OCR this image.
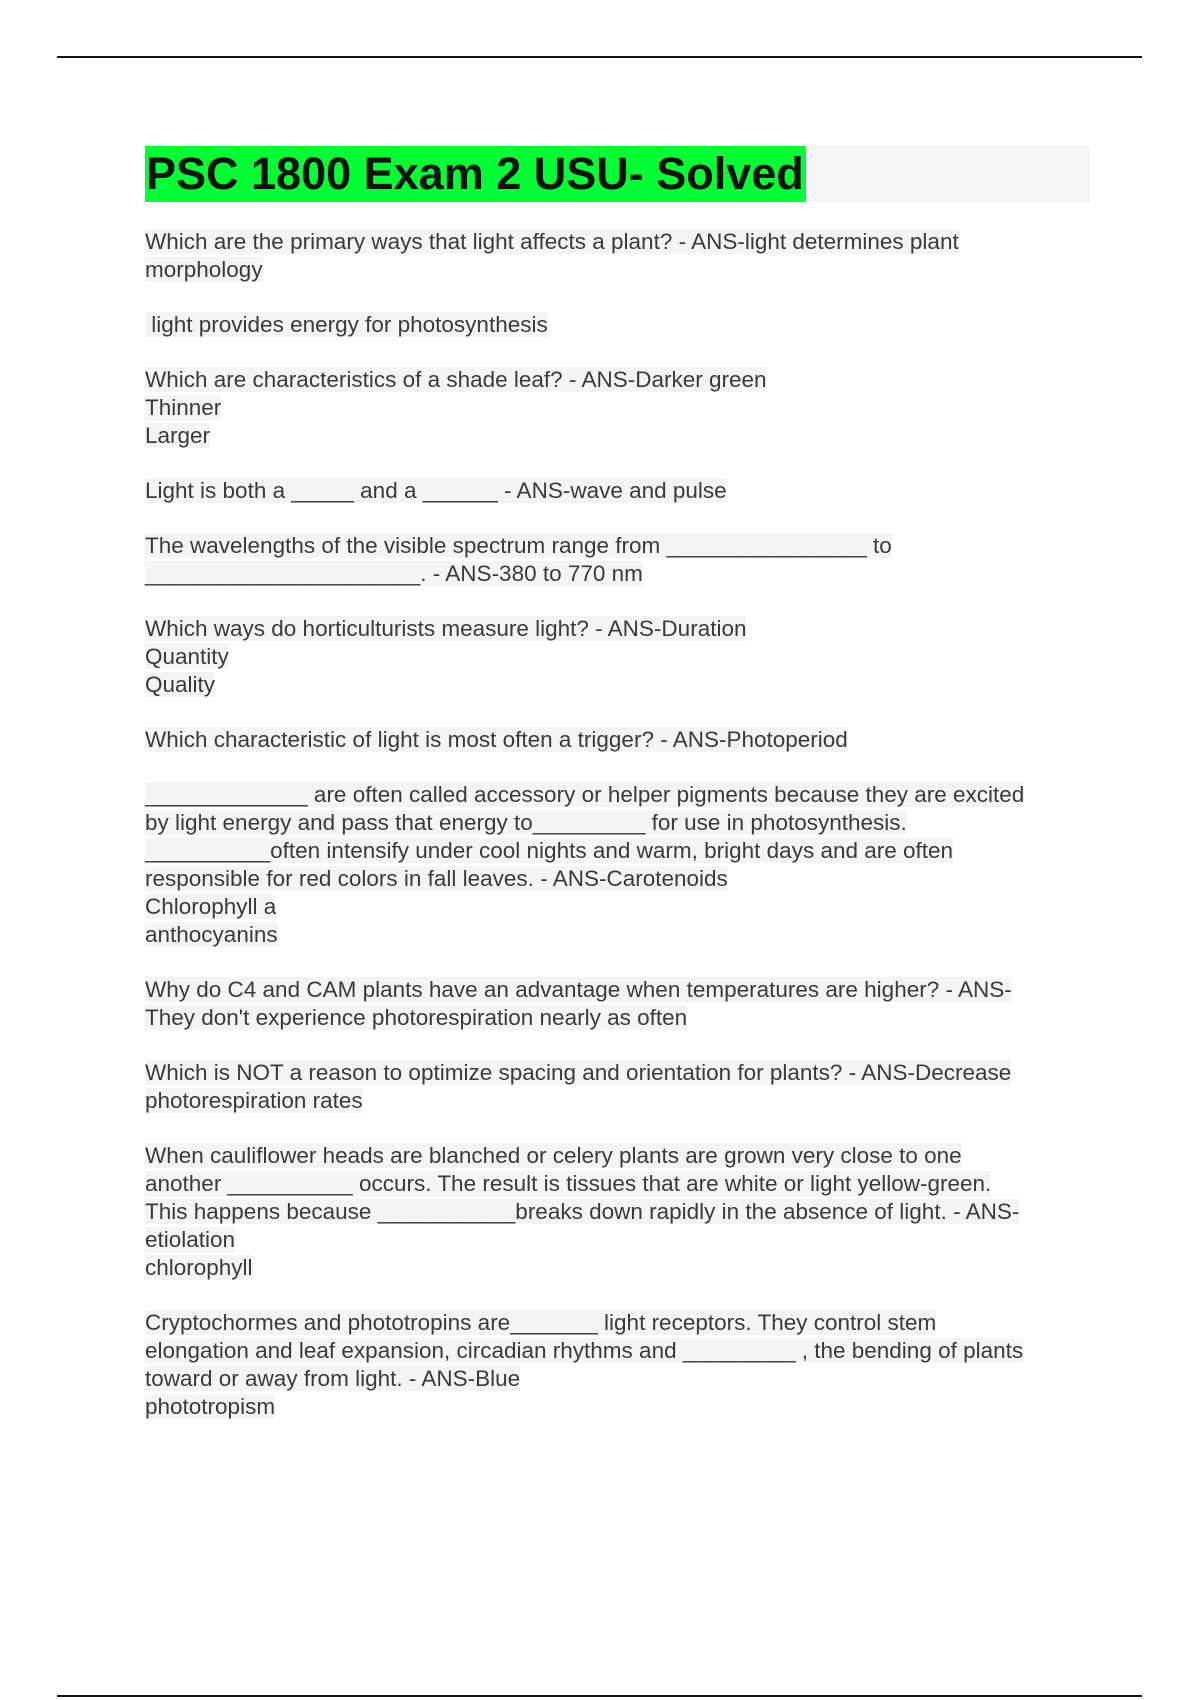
PSC 1800 Exam 2 USU- Solved
Which are the primary ways that light affects a plant? - ANS-light determines plant
morphology
light provides energy for photosynthesis
Which are characteristics of a shade leaf? - ANS-Darker green
Thinner
Larger
Light is both a _____ and a ______ - ANS-wave and pulse
The wavelengths of the visible spectrum range from ________________ to
______________________. - ANS-380 to 770 nm
Which ways do horticulturists measure light? - ANS-Duration
Quantity
Quality
Which characteristic of light is most often a trigger? - ANS-Photoperiod
_____________ are often called accessory or helper pigments because they are excited
by light energy and pass that energy to_________ for use in photosynthesis.
__________often intensify under cool nights and warm, bright days and are often
responsible for red colors in fall leaves. - ANS-Carotenoids
Chlorophyll a
anthocyanins
Why do C4 and CAM plants have an advantage when temperatures are higher? - ANS-
They don't experience photorespiration nearly as often
Which is NOT a reason to optimize spacing and orientation for plants? - ANS-Decrease
photorespiration rates
When cauliflower heads are blanched or celery plants are grown very close to one
another __________ occurs. The result is tissues that are white or light yellow-green.
This happens because ___________breaks down rapidly in the absence of light. - ANS-
etiolation
chlorophyll
Cryptochormes and phototropins are_______ light receptors. They control stem
elongation and leaf expansion, circadian rhythms and _________ , the bending of plants
toward or away from light. - ANS-Blue
phototropism
